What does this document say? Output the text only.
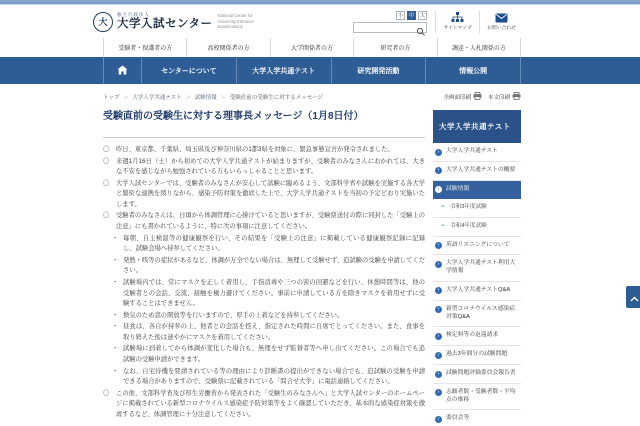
大
独立行政法人
大学入試センター
National Center for University Entrance Examinations
小 中 大
サイトマップ	お問い合わせ
受験者・保護者の方	高校関係者の方	大学関係者の方	研究者の方	調達・入札関係の方
センターについて	大学入学共通テスト	研究開発活動	情報公開
トップ ＞ 大学入学共通テスト ＞ 試験情報 ＞ 受験直前の受験生に対するメッセージ	全画面印刷	本文印刷
受験直前の受験生に対する理事長メッセージ（1月8日付）
〇 昨日、東京都、千葉県、埼玉県及び神奈川県の1都3県を対象に、緊急事態宣言が発令されました。
〇 来週1月16日（土）から初めての大学入学共通テストが始まりますが、受験者のみなさんにおかれては、大きな不安を感じながら勉強されている方もいらっしゃることと思います。
〇 大学入試センターでは、受験者のみなさんが安心して試験に臨めるよう、文部科学省や試験を実施する各大学と緊密な連携を図りながら、感染予防対策を徹底した上で、大学入学共通テストを当初の予定どおり実施いたします。
〇 受験者のみなさんは、日頃から体調管理に心掛けていると思いますが、受験票送付の際に同封した「受験上の注意」にも書かれているように、特に次の事項に注意してください。
・ 毎朝、自主検温等の健康観察を行い、その結果を「受験上の注意」に掲載している健康観察記録に記録し、試験会場へ持参してください。
・ 発熱・咳等の症状があるなど、体調が万全でない場合は、無理して受験せず、追試験の受験を申請してください。
・ 試験場内では、常にマスクを正しく着用し、手指消毒や三つの密の回避などを行い、休憩時間等は、他の受験者との会話、交流、接触を極力避けてください。事前に申請している方を除きマスクを着用せずに受験することはできません。
・ 換気のため窓の開放等を行いますので、厚手の上着などを持参してください。
・ 昼食は、各自が持参の上、他者との会話を控え、指定された時間に自席でとってください。また、食事を取り終えた後は速やかにマスクを着用してください。
・ 試験場に到着してから体調が変化した場合も、無理をせず監督者等へ申し出てください。この場合でも追試験の受験申請ができます。
・ なお、自宅待機を要請されている等の理由により診断書の提出ができない場合でも、追試験の受験を申請できる場合がありますので、受験票に記載されている「問合せ大学」に電話連絡してください。
〇 この他、文部科学省及び厚生労働省から発表された「受験生のみなさんへ」と大学入試センターのホームページに掲載されている新型コロナウイルス感染症予防対策等をよく確認していただき、基本的な感染症対策を徹底するなど、体調管理に十分注意してください。
大学入学共通テスト
›	大学入学共通テスト
›	大学入学共通テストの概要
›	試験情報
− 令和3年度試験
− 令和4年度試験
›	英語リスニングについて
›	大学入学共通テスト利用大学情報
›	大学入学共通テストQ&A
›	新型コロナウイルス感染症対策Q&A
›	検定料等の返還請求
›	過去3年間分の試験問題
›	試験問題評価委員会報告書
›	志願者数・受験者数・平均点の推移
›	委員会等
